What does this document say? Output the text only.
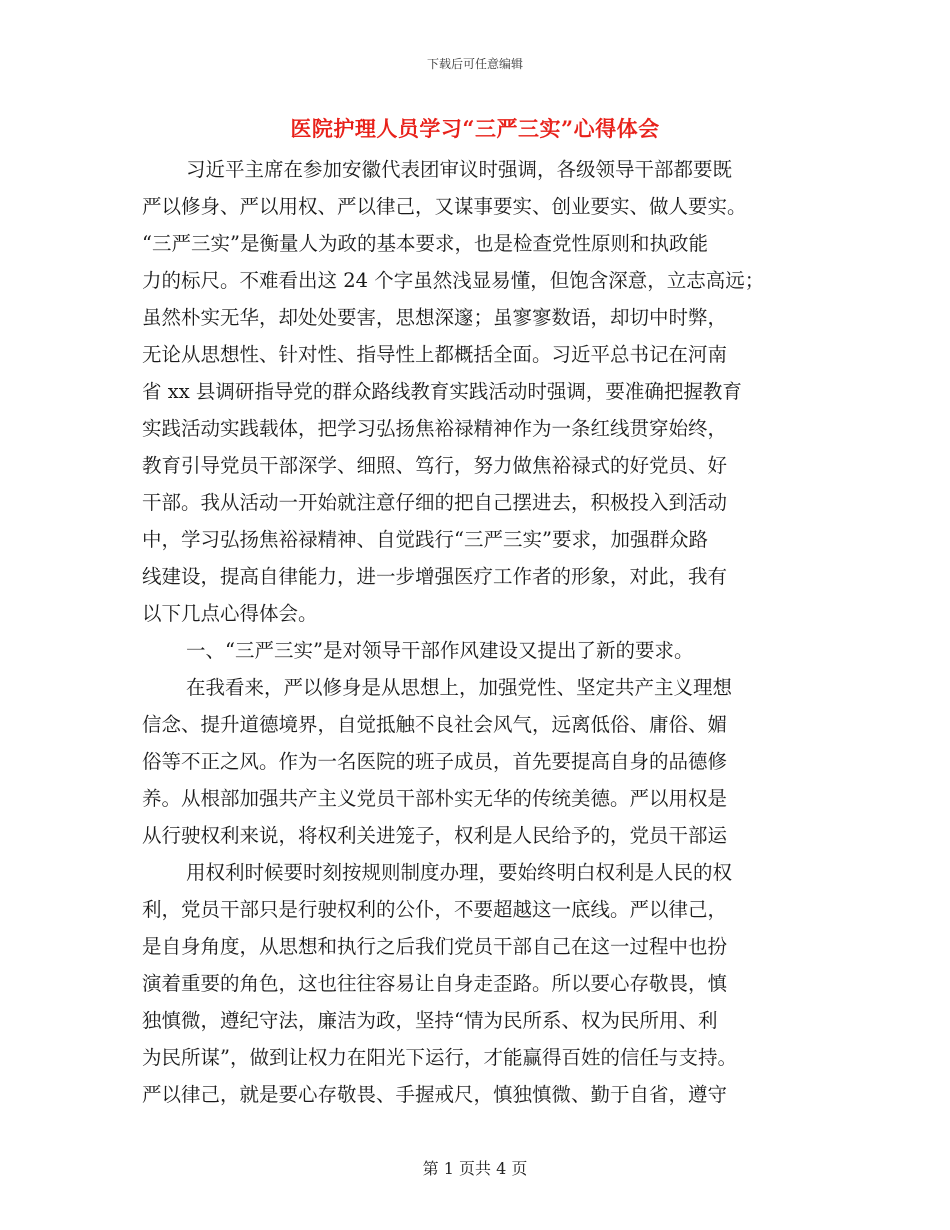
下载后可任意编辑
医院护理人员学习“三严三实”心得体会
习近平主席在参加安徽代表团审议时强调，各级领导干部都要既
严以修身、严以用权、严以律己，又谋事要实、创业要实、做人要实。
“三严三实”是衡量人为政的基本要求，也是检查党性原则和执政能
力的标尺。不难看出这 24 个字虽然浅显易懂，但饱含深意，立志高远；
虽然朴实无华，却处处要害，思想深邃；虽寥寥数语，却切中时弊，
无论从思想性、针对性、指导性上都概括全面。习近平总书记在河南
省 xx 县调研指导党的群众路线教育实践活动时强调，要准确把握教育
实践活动实践载体，把学习弘扬焦裕禄精神作为一条红线贯穿始终，
教育引导党员干部深学、细照、笃行，努力做焦裕禄式的好党员、好
干部。我从活动一开始就注意仔细的把自己摆进去，积极投入到活动
中，学习弘扬焦裕禄精神、自觉践行“三严三实”要求，加强群众路
线建设，提高自律能力，进一步增强医疗工作者的形象，对此，我有
以下几点心得体会。
一、“三严三实”是对领导干部作风建设又提出了新的要求。
在我看来，严以修身是从思想上，加强党性、坚定共产主义理想
信念、提升道德境界，自觉抵触不良社会风气，远离低俗、庸俗、媚
俗等不正之风。作为一名医院的班子成员，首先要提高自身的品德修
养。从根部加强共产主义党员干部朴实无华的传统美德。严以用权是
从行驶权利来说，将权利关进笼子，权利是人民给予的，党员干部运
用权利时候要时刻按规则制度办理，要始终明白权利是人民的权
利，党员干部只是行驶权利的公仆，不要超越这一底线。严以律己，
是自身角度，从思想和执行之后我们党员干部自己在这一过程中也扮
演着重要的角色，这也往往容易让自身走歪路。所以要心存敬畏，慎
独慎微，遵纪守法，廉洁为政，坚持“情为民所系、权为民所用、利
为民所谋”，做到让权力在阳光下运行，才能赢得百姓的信任与支持。
严以律己，就是要心存敬畏、手握戒尺，慎独慎微、勤于自省，遵守
第 1 页共 4 页
